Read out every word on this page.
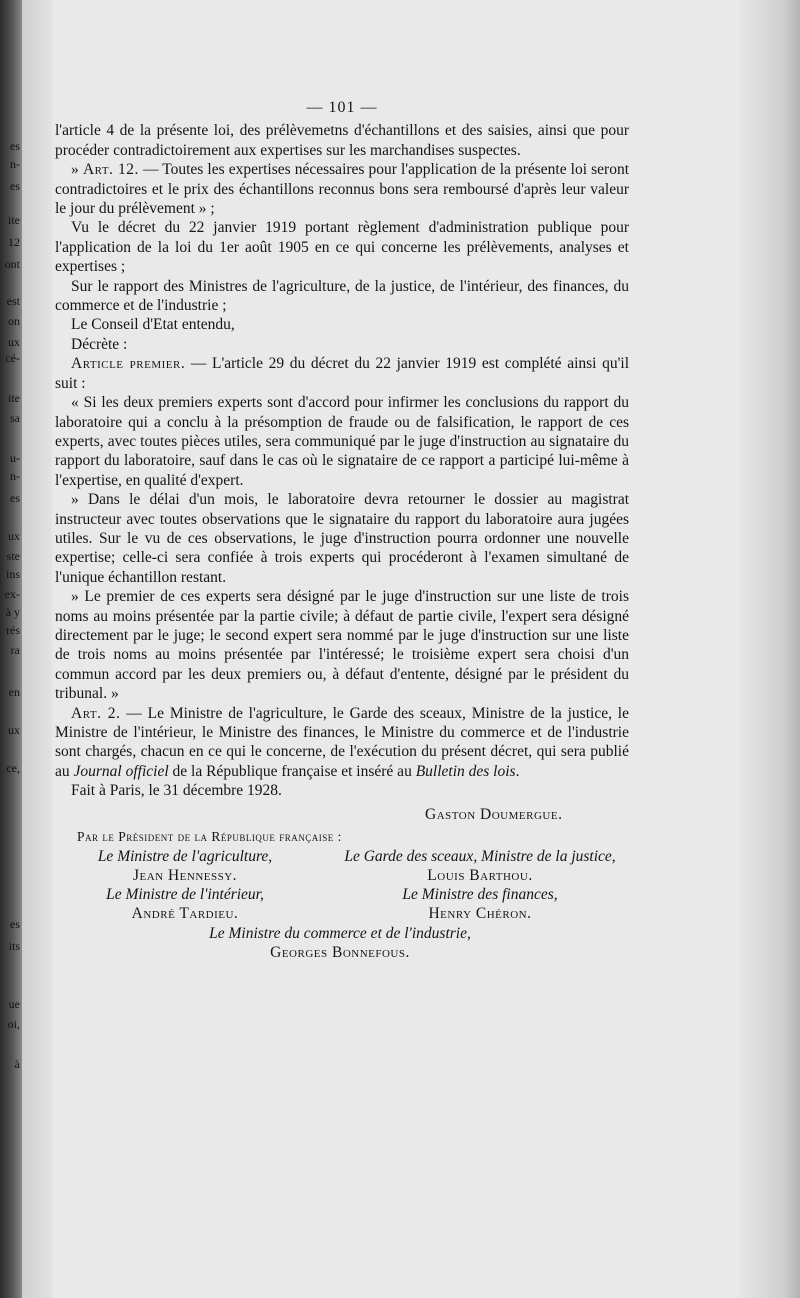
es
n-
es
ite
12
ont
est
on
ux
cé-
ite
sa
u-
n-
es
ux
ste
ins
ex-
à y
rés
ra
en
ux
ce,
es
its
ue
oi,
à
— 101 —

l'article 4 de la présente loi, des prélèvemetns d'échantillons et des saisies, ainsi que pour procéder contradictoirement aux expertises sur les marchandises suspectes.

» Art. 12. — Toutes les expertises nécessaires pour l'application de la présente loi seront contradictoires et le prix des échantillons reconnus bons sera remboursé d'après leur valeur le jour du prélèvement » ;

Vu le décret du 22 janvier 1919 portant règlement d'administration publique pour l'application de la loi du 1er août 1905 en ce qui concerne les prélèvements, analyses et expertises ;

Sur le rapport des Ministres de l'agriculture, de la justice, de l'intérieur, des finances, du commerce et de l'industrie ;

Le Conseil d'Etat entendu,

Décrète :

Article premier. — L'article 29 du décret du 22 janvier 1919 est complété ainsi qu'il suit :

« Si les deux premiers experts sont d'accord pour infirmer les conclusions du rapport du laboratoire qui a conclu à la présomption de fraude ou de falsification, le rapport de ces experts, avec toutes pièces utiles, sera communiqué par le juge d'instruction au signataire du rapport du laboratoire, sauf dans le cas où le signataire de ce rapport a participé lui-même à l'expertise, en qualité d'expert.

» Dans le délai d'un mois, le laboratoire devra retourner le dossier au magistrat instructeur avec toutes observations que le signataire du rapport du laboratoire aura jugées utiles. Sur le vu de ces observations, le juge d'instruction pourra ordonner une nouvelle expertise; celle-ci sera confiée à trois experts qui procéderont à l'examen simultané de l'unique échantillon restant.

» Le premier de ces experts sera désigné par le juge d'instruction sur une liste de trois noms au moins présentée par la partie civile; à défaut de partie civile, l'expert sera désigné directement par le juge; le second expert sera nommé par le juge d'instruction sur une liste de trois noms au moins présentée par l'intéressé; le troisième expert sera choisi d'un commun accord par les deux premiers ou, à défaut d'entente, désigné par le président du tribunal. »

Art. 2. — Le Ministre de l'agriculture, le Garde des sceaux, Ministre de la justice, le Ministre de l'intérieur, le Ministre des finances, le Ministre du commerce et de l'industrie sont chargés, chacun en ce qui le concerne, de l'exécution du présent décret, qui sera publié au Journal officiel de la République française et inséré au Bulletin des lois.

Fait à Paris, le 31 décembre 1928.

Gaston Doumergue.
Par le Président de la République française :
Le Ministre de l'agriculture,
Jean Hennessy.
Le Garde des sceaux, Ministre de la justice,
Louis Barthou.
Le Ministre de l'intérieur,
André Tardieu.
Le Ministre des finances,
Henry Chéron.
Le Ministre du commerce et de l'industrie,
Georges Bonnefous.
